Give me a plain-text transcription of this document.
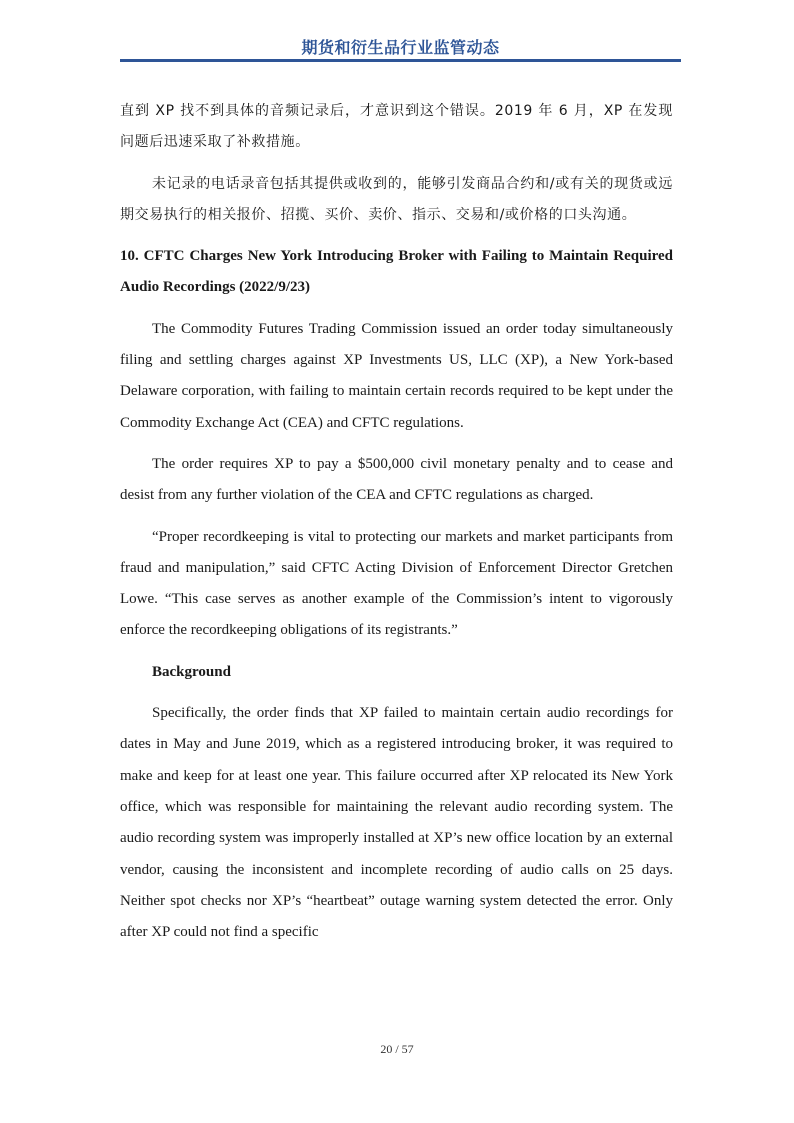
期货和衍生品行业监管动态

直到 XP 找不到具体的音频记录后，才意识到这个错误。2019 年 6 月，XP 在发现问题后迅速采取了补救措施。

未记录的电话录音包括其提供或收到的，能够引发商品合约和/或有关的现货或远期交易执行的相关报价、招揽、买价、卖价、指示、交易和/或价格的口头沟通。

10. CFTC Charges New York Introducing Broker with Failing to Maintain Required Audio Recordings (2022/9/23)

The Commodity Futures Trading Commission issued an order today simultaneously filing and settling charges against XP Investments US, LLC (XP), a New York-based Delaware corporation, with failing to maintain certain records required to be kept under the Commodity Exchange Act (CEA) and CFTC regulations.

The order requires XP to pay a $500,000 civil monetary penalty and to cease and desist from any further violation of the CEA and CFTC regulations as charged.

“Proper recordkeeping is vital to protecting our markets and market participants from fraud and manipulation,” said CFTC Acting Division of Enforcement Director Gretchen Lowe. “This case serves as another example of the Commission’s intent to vigorously enforce the recordkeeping obligations of its registrants.”

Background

Specifically, the order finds that XP failed to maintain certain audio recordings for dates in May and June 2019, which as a registered introducing broker, it was required to make and keep for at least one year. This failure occurred after XP relocated its New York office, which was responsible for maintaining the relevant audio recording system. The audio recording system was improperly installed at XP’s new office location by an external vendor, causing the inconsistent and incomplete recording of audio calls on 25 days. Neither spot checks nor XP’s “heartbeat” outage warning system detected the error. Only after XP could not find a specific

20 / 57
